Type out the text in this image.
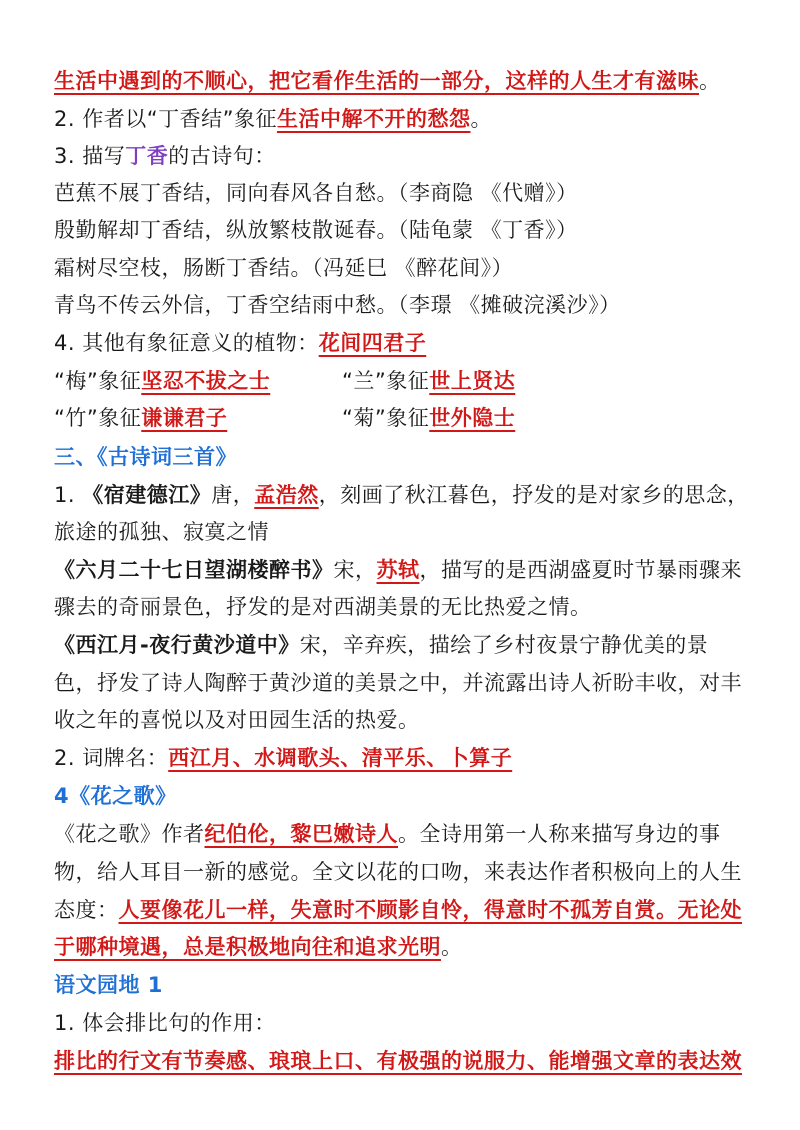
生活中遇到的不顺心，把它看作生活的一部分，这样的人生才有滋味。
2. 作者以“丁香结”象征生活中解不开的愁怨。
3. 描写丁香的古诗句：
芭蕉不展丁香结，同向春风各自愁。（李商隐 《代赠》）
殷勤解却丁香结，纵放繁枝散诞春。（陆龟蒙 《丁香》）
霜树尽空枝，肠断丁香结。（冯延巳 《醉花间》）
青鸟不传云外信，丁香空结雨中愁。（李璟 《摊破浣溪沙》）
4. 其他有象征意义的植物：花间四君子
“梅”象征坚忍不拔之士	“兰”象征世上贤达
“竹”象征谦谦君子	“菊”象征世外隐士
三、《古诗词三首》
1. 《宿建德江》唐，孟浩然，刻画了秋江暮色，抒发的是对家乡的思念，
旅途的孤独、寂寞之情
《六月二十七日望湖楼醉书》宋，苏轼，描写的是西湖盛夏时节暴雨骤来
骤去的奇丽景色，抒发的是对西湖美景的无比热爱之情。
《西江月-夜行黄沙道中》宋，辛弃疾，描绘了乡村夜景宁静优美的景
色，抒发了诗人陶醉于黄沙道的美景之中，并流露出诗人祈盼丰收，对丰
收之年的喜悦以及对田园生活的热爱。
2. 词牌名：西江月、水调歌头、清平乐、卜算子
4《花之歌》
《花之歌》作者纪伯伦，黎巴嫩诗人。全诗用第一人称来描写身边的事
物，给人耳目一新的感觉。全文以花的口吻，来表达作者积极向上的人生
态度：人要像花儿一样，失意时不顾影自怜，得意时不孤芳自赏。无论处
于哪种境遇，总是积极地向往和追求光明。
语文园地 1
1. 体会排比句的作用：
排比的行文有节奏感、琅琅上口、有极强的说服力、能增强文章的表达效
